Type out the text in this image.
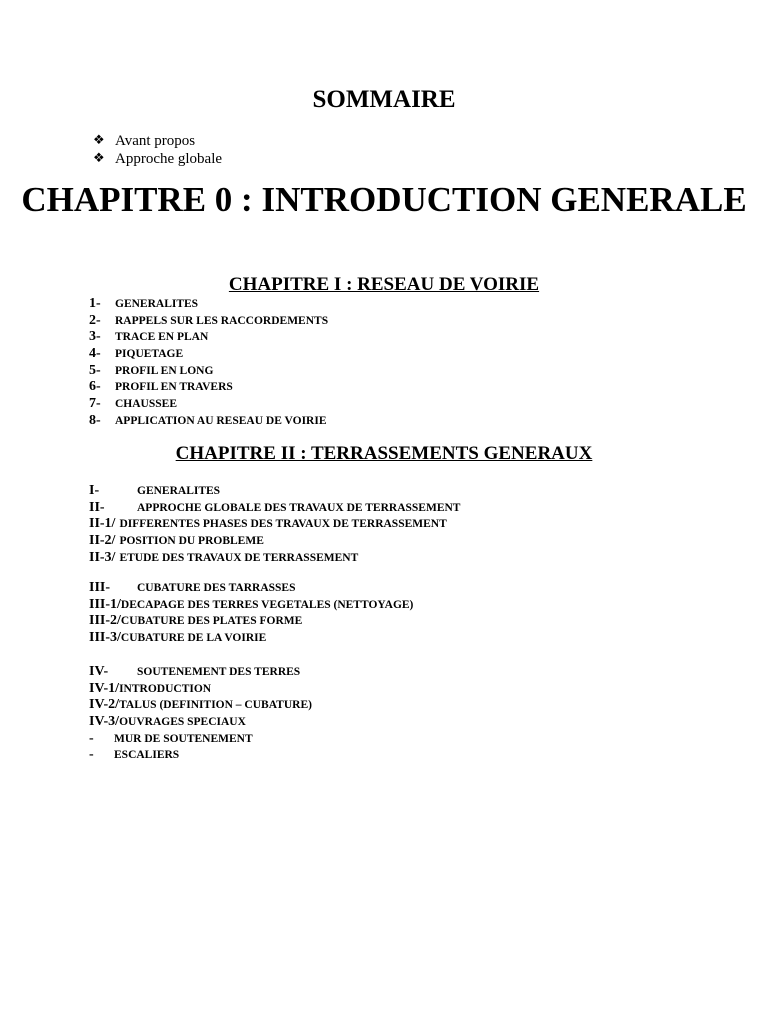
SOMMAIRE
❖ Avant propos
❖ Approche globale
CHAPITRE 0 : INTRODUCTION GENERALE
CHAPITRE I : RESEAU DE VOIRIE
1-	GENERALITES
2-	RAPPELS SUR LES RACCORDEMENTS
3-	TRACE EN PLAN
4-	PIQUETAGE
5-	PROFIL EN LONG
6-	PROFIL EN TRAVERS
7-	CHAUSSEE
8-	APPLICATION AU RESEAU DE VOIRIE
CHAPITRE II : TERRASSEMENTS GENERAUX
I-	GENERALITES
II-	APPROCHE GLOBALE DES TRAVAUX DE TERRASSEMENT
II-1/ DIFFERENTES PHASES DES TRAVAUX DE TERRASSEMENT
II-2/ POSITION DU PROBLEME
II-3/ ETUDE DES TRAVAUX DE TERRASSEMENT
III-	CUBATURE DES TARRASSES
III-1/ DECAPAGE DES TERRES VEGETALES (NETTOYAGE)
III-2/ CUBATURE DES PLATES FORME
III-3/ CUBATURE DE LA VOIRIE
IV-	SOUTENEMENT DES TERRES
IV-1/ INTRODUCTION
IV-2/ TALUS (DEFINITION – CUBATURE)
IV-3/ OUVRAGES SPECIAUX
-	MUR DE SOUTENEMENT
-	ESCALIERS
